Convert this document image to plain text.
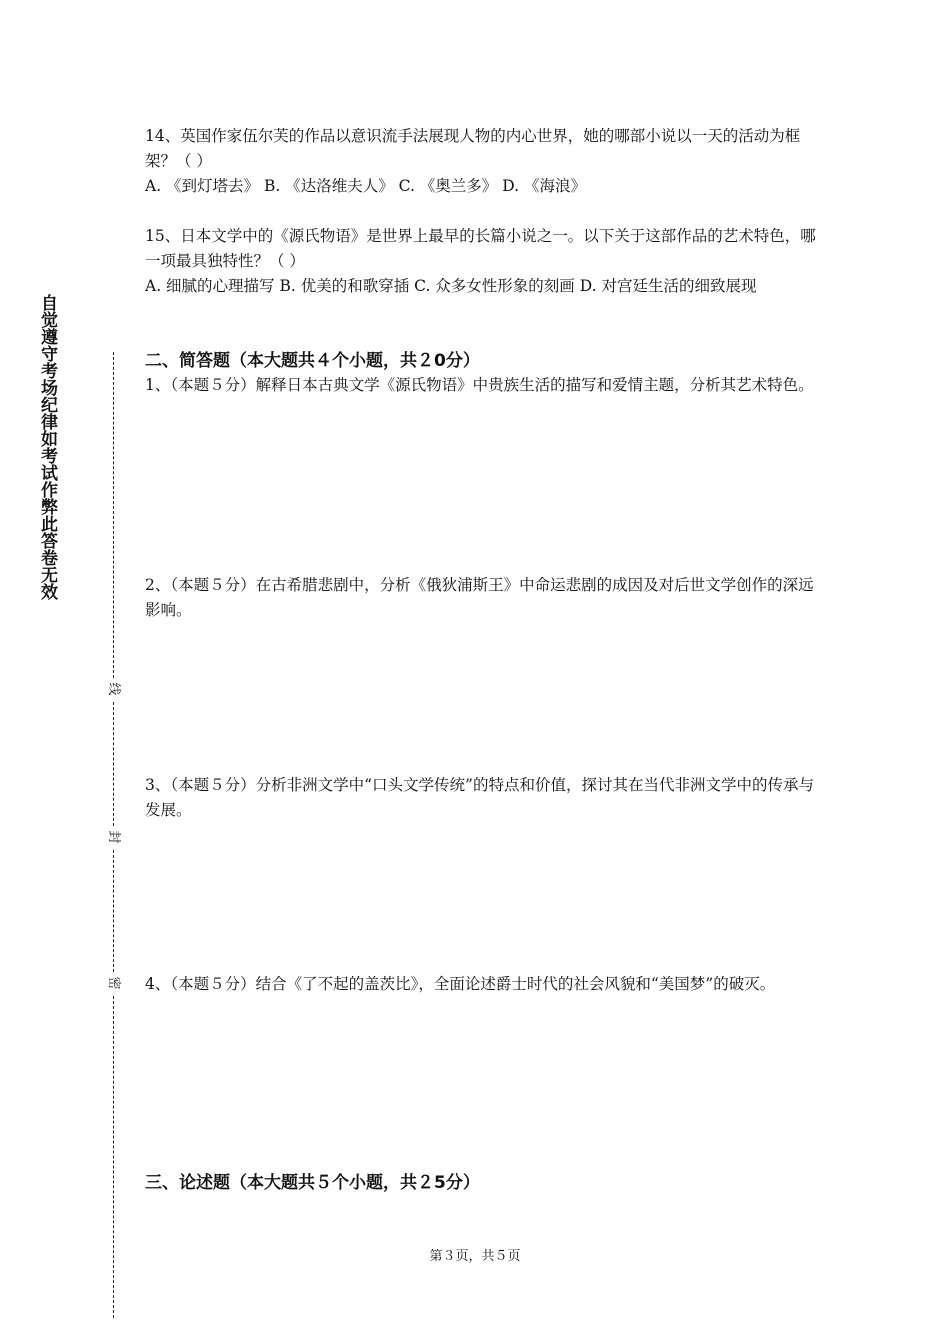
自觉遵守考场纪律如考试作弊此答卷无效
线
封
密
14、英国作家伍尔芙的作品以意识流手法展现人物的内心世界，她的哪部小说以一天的活动为框架？（ ）
A. 《到灯塔去》 B. 《达洛维夫人》 C. 《奥兰多》 D. 《海浪》
15、日本文学中的《源氏物语》是世界上最早的长篇小说之一。以下关于这部作品的艺术特色，哪一项最具独特性？（ ）
A. 细腻的心理描写 B. 优美的和歌穿插 C. 众多女性形象的刻画 D. 对宫廷生活的细致展现
二、简答题（本大题共４个小题，共２0分）
1、（本题５分）解释日本古典文学《源氏物语》中贵族生活的描写和爱情主题，分析其艺术特色。
2、（本题５分）在古希腊悲剧中，分析《俄狄浦斯王》中命运悲剧的成因及对后世文学创作的深远影响。
3、（本题５分）分析非洲文学中“口头文学传统”的特点和价值，探讨其在当代非洲文学中的传承与发展。
4、（本题５分）结合《了不起的盖茨比》，全面论述爵士时代的社会风貌和“美国梦”的破灭。
三、论述题（本大题共５个小题，共２5分）
第３页，共５页
